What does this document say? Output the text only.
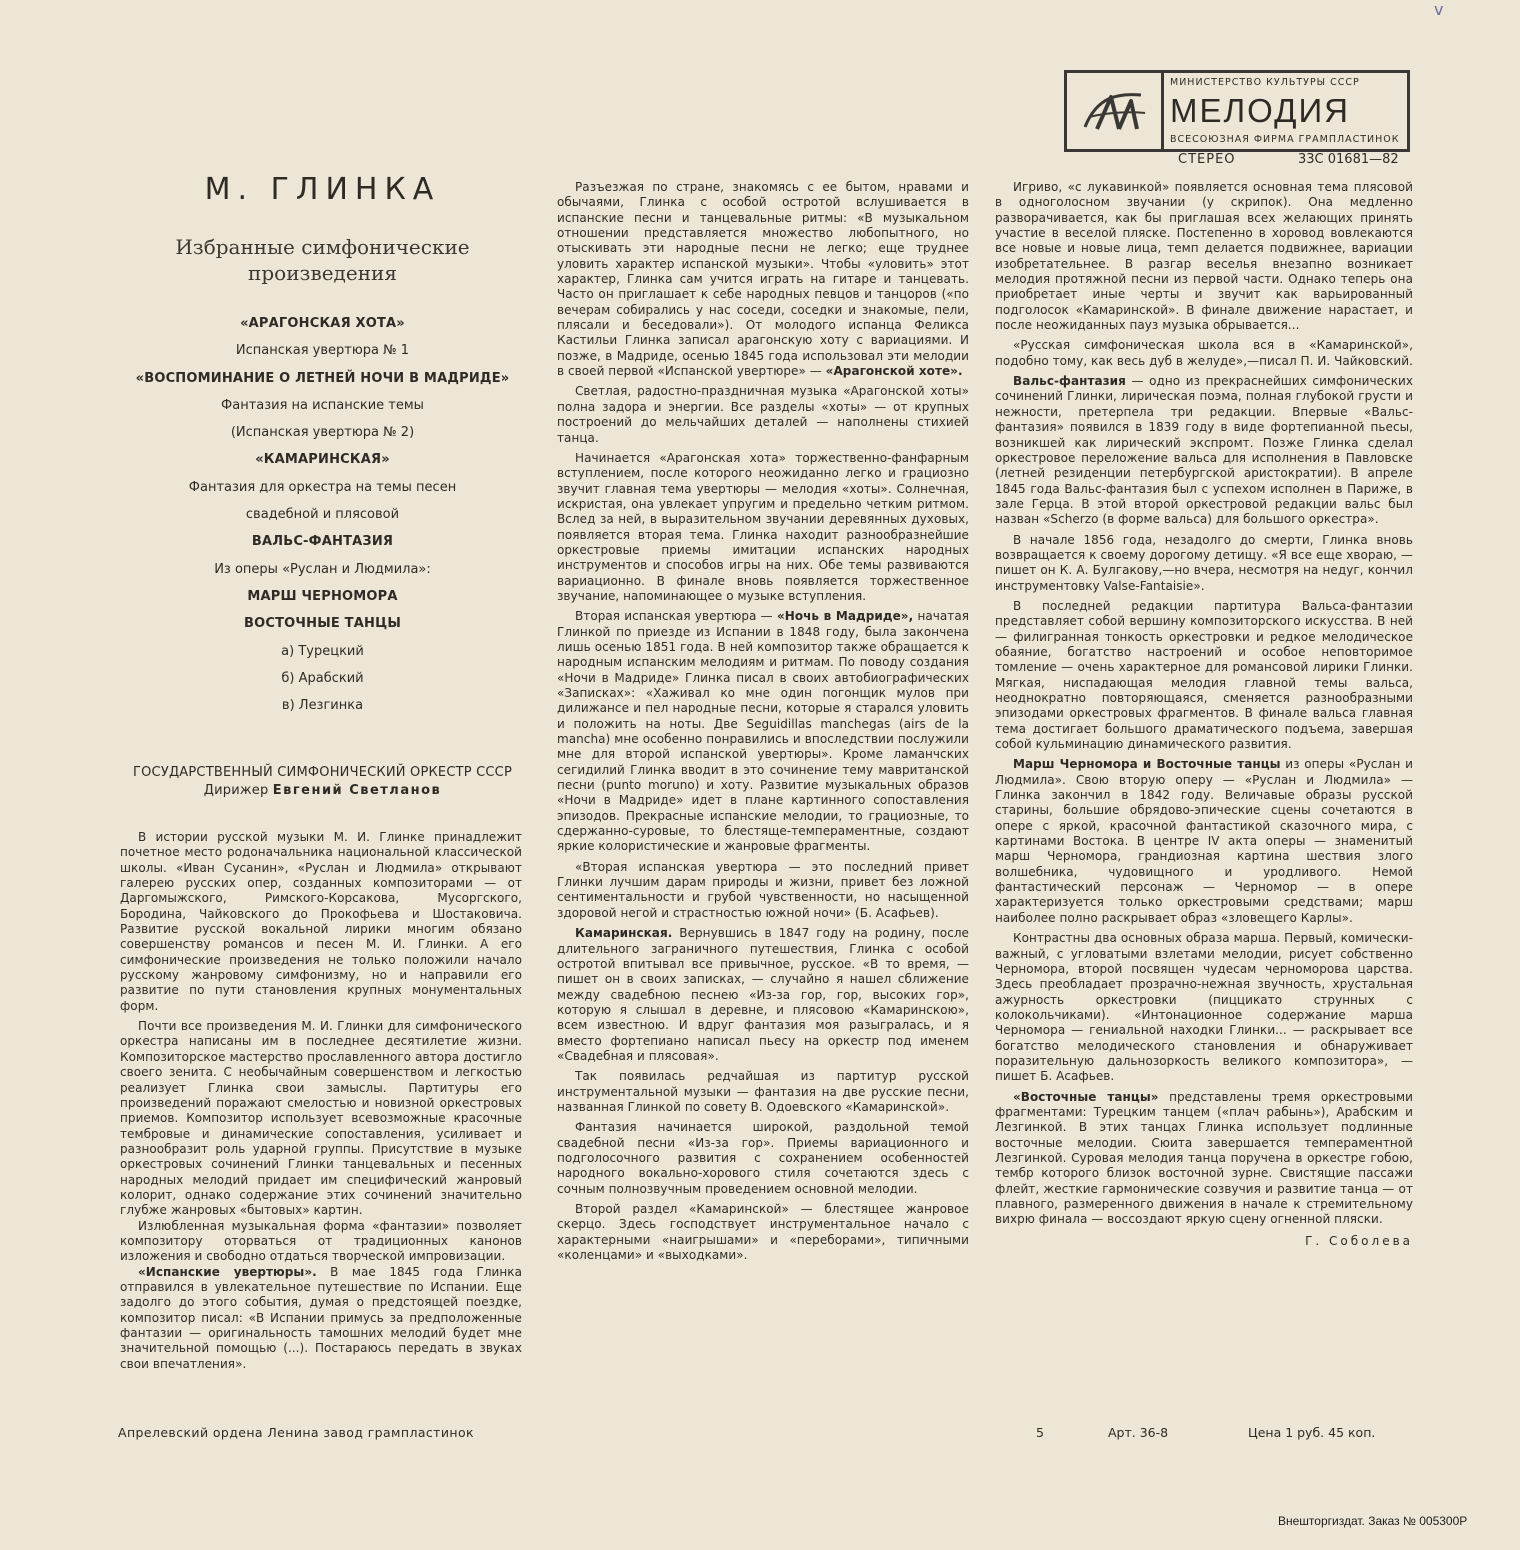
v
МИНИСТЕРСТВО КУЛЬТУРЫ СССР
МЕЛОДИЯ
ВСЕСОЮЗНАЯ ФИРМА ГРАМПЛАСТИНОК
СТЕРЕО	33С 01681—82
М. ГЛИНКА
Избранные симфонические
произведения
«АРАГОНСКАЯ ХОТА»
Испанская увертюра № 1
«ВОСПОМИНАНИЕ О ЛЕТНЕЙ НОЧИ В МАДРИДЕ»
Фантазия на испанские темы
(Испанская увертюра № 2)
«КАМАРИНСКАЯ»
Фантазия для оркестра на темы песен
свадебной и плясовой
ВАЛЬС-ФАНТАЗИЯ
Из оперы «Руслан и Людмила»:
МАРШ ЧЕРНОМОРА
ВОСТОЧНЫЕ ТАНЦЫ
а) Турецкий
б) Арабский
в) Лезгинка
ГОСУДАРСТВЕННЫЙ СИМФОНИЧЕСКИЙ ОРКЕСТР СССР
Дирижер Евгений Светланов

В истории русской музыки М. И. Глинке принадлежит почетное место родоначальника национальной классической школы. «Иван Сусанин», «Руслан и Людмила» открывают галерею русских опер, созданных композиторами — от Даргомыжского, Римского-Корсакова, Мусоргского, Бородина, Чайковского до Прокофьева и Шостаковича. Развитие русской вокальной лирики многим обязано совершенству романсов и песен М. И. Глинки. А его симфонические произведения не только положили начало русскому жанровому симфонизму, но и направили его развитие по пути становления крупных монументальных форм.

Почти все произведения М. И. Глинки для симфонического оркестра написаны им в последнее десятилетие жизни. Композиторское мастерство прославленного автора достигло своего зенита. С необычайным совершенством и легкостью реализует Глинка свои замыслы. Партитуры его произведений поражают смелостью и новизной оркестровых приемов. Композитор использует всевозможные красочные тембровые и динамические сопоставления, усиливает и разнообразит роль ударной группы. Присутствие в музыке оркестровых сочинений Глинки танцевальных и песенных народных мелодий придает им специфический жанровый колорит, однако содержание этих сочинений значительно глубже жанровых «бытовых» картин.

Излюбленная музыкальная форма «фантазии» позволяет композитору оторваться от традиционных канонов изложения и свободно отдаться творческой импровизации.

«Испанские увертюры». В мае 1845 года Глинка отправился в увлекательное путешествие по Испании. Еще задолго до этого события, думая о предстоящей поездке, композитор писал: «В Испании примусь за предположенные фантазии — оригинальность тамошних мелодий будет мне значительной помощью (...). Постараюсь передать в звуках свои впечатления».

Разъезжая по стране, знакомясь с ее бытом, нравами и обычаями, Глинка с особой остротой вслушивается в испанские песни и танцевальные ритмы: «В музыкальном отношении представляется множество любопытного, но отыскивать эти народные песни не легко; еще труднее уловить характер испанской музыки». Чтобы «уловить» этот характер, Глинка сам учится играть на гитаре и танцевать. Часто он приглашает к себе народных певцов и танцоров («по вечерам собирались у нас соседи, соседки и знакомые, пели, плясали и беседовали»). От молодого испанца Феликса Кастильи Глинка записал арагонскую хоту с вариациями. И позже, в Мадриде, осенью 1845 года использовал эти мелодии в своей первой «Испанской увертюре» — «Арагонской хоте».

Светлая, радостно-праздничная музыка «Арагонской хоты» полна задора и энергии. Все разделы «хоты» — от крупных построений до мельчайших деталей — наполнены стихией танца.

Начинается «Арагонская хота» торжественно-фанфарным вступлением, после которого неожиданно легко и грациозно звучит главная тема увертюры — мелодия «хоты». Солнечная, искристая, она увлекает упругим и предельно четким ритмом. Вслед за ней, в выразительном звучании деревянных духовых, появляется вторая тема. Глинка находит разнообразнейшие оркестровые приемы имитации испанских народных инструментов и способов игры на них. Обе темы развиваются вариационно. В финале вновь появляется торжественное звучание, напоминающее о музыке вступления.

Вторая испанская увертюра — «Ночь в Мадриде», начатая Глинкой по приезде из Испании в 1848 году, была закончена лишь осенью 1851 года. В ней композитор также обращается к народным испанским мелодиям и ритмам. По поводу создания «Ночи в Мадриде» Глинка писал в своих автобиографических «Записках»: «Хаживал ко мне один погонщик мулов при дилижансе и пел народные песни, которые я старался уловить и положить на ноты. Две Seguidillas manchegas (airs de la mancha) мне особенно понравились и впоследствии послужили мне для второй испанской увертюры». Кроме ламанчских сегидилий Глинка вводит в это сочинение тему мавританской песни (punto moruno) и хоту. Развитие музыкальных образов «Ночи в Мадриде» идет в плане картинного сопоставления эпизодов. Прекрасные испанские мелодии, то грациозные, то сдержанно-суровые, то блестяще-темпераментные, создают яркие колористические и жанровые фрагменты.

«Вторая испанская увертюра — это последний привет Глинки лучшим дарам природы и жизни, привет без ложной сентиментальности и грубой чувственности, но насыщенной здоровой негой и страстностью южной ночи» (Б. Асафьев).

Камаринская. Вернувшись в 1847 году на родину, после длительного заграничного путешествия, Глинка с особой остротой впитывал все привычное, русское. «В то время, — пишет он в своих записках, — случайно я нашел сближение между свадебною песнею «Из-за гор, гор, высоких гор», которую я слышал в деревне, и плясовою «Камаринскою», всем известною. И вдруг фантазия моя разыгралась, и я вместо фортепиано написал пьесу на оркестр под именем «Свадебная и плясовая».

Так появилась редчайшая из партитур русской инструментальной музыки — фантазия на две русские песни, названная Глинкой по совету В. Одоевского «Камаринской».

Фантазия начинается широкой, раздольной темой свадебной песни «Из-за гор». Приемы вариационного и подголосочного развития с сохранением особенностей народного вокально-хорового стиля сочетаются здесь с сочным полнозвучным проведением основной мелодии.

Второй раздел «Камаринской» — блестящее жанровое скерцо. Здесь господствует инструментальное начало с характерными «наигрышами» и «переборами», типичными «коленцами» и «выходками».

Игриво, «с лукавинкой» появляется основная тема плясовой в одноголосном звучании (у скрипок). Она медленно разворачивается, как бы приглашая всех желающих принять участие в веселой пляске. Постепенно в хоровод вовлекаются все новые и новые лица, темп делается подвижнее, вариации изобретательнее. В разгар веселья внезапно возникает мелодия протяжной песни из первой части. Однако теперь она приобретает иные черты и звучит как варьированный подголосок «Камаринской». В финале движение нарастает, и после неожиданных пауз музыка обрывается...

«Русская симфоническая школа вся в «Камаринской», подобно тому, как весь дуб в желуде»,—писал П. И. Чайковский.

Вальс-фантазия — одно из прекраснейших симфонических сочинений Глинки, лирическая поэма, полная глубокой грусти и нежности, претерпела три редакции. Впервые «Вальс-фантазия» появился в 1839 году в виде фортепианной пьесы, возникшей как лирический экспромт. Позже Глинка сделал оркестровое переложение вальса для исполнения в Павловске (летней резиденции петербургской аристократии). В апреле 1845 года Вальс-фантазия был с успехом исполнен в Париже, в зале Герца. В этой второй оркестровой редакции вальс был назван «Scherzo (в форме вальса) для большого оркестра».

В начале 1856 года, незадолго до смерти, Глинка вновь возвращается к своему дорогому детищу. «Я все еще хвораю, — пишет он К. А. Булгакову,—но вчера, несмотря на недуг, кончил инструментовку Valse-Fantaisie».

В последней редакции партитура Вальса-фантазии представляет собой вершину композиторского искусства. В ней — филигранная тонкость оркестровки и редкое мелодическое обаяние, богатство настроений и особое неповторимое томление — очень характерное для романсовой лирики Глинки. Мягкая, ниспадающая мелодия главной темы вальса, неоднократно повторяющаяся, сменяется разнообразными эпизодами оркестровых фрагментов. В финале вальса главная тема достигает большого драматического подъема, завершая собой кульминацию динамического развития.

Марш Черномора и Восточные танцы из оперы «Руслан и Людмила». Свою вторую оперу — «Руслан и Людмила» — Глинка закончил в 1842 году. Величавые образы русской старины, большие обрядово-эпические сцены сочетаются в опере с яркой, красочной фантастикой сказочного мира, с картинами Востока. В центре IV акта оперы — знаменитый марш Черномора, грандиозная картина шествия злого волшебника, чудовищного и уродливого. Немой фантастический персонаж — Черномор — в опере характеризуется только оркестровыми средствами; марш наиболее полно раскрывает образ «зловещего Карлы».

Контрастны два основных образа марша. Первый, комически-важный, с угловатыми взлетами мелодии, рисует собственно Черномора, второй посвящен чудесам черноморова царства. Здесь преобладает прозрачно-нежная звучность, хрустальная ажурность оркестровки (пиццикато струнных с колокольчиками). «Интонационное содержание марша Черномора — гениальной находки Глинки... — раскрывает все богатство мелодического становления и обнаруживает поразительную дальнозоркость великого композитора», — пишет Б. Асафьев.

«Восточные танцы» представлены тремя оркестровыми фрагментами: Турецким танцем («плач рабынь»), Арабским и Лезгинкой. В этих танцах Глинка использует подлинные восточные мелодии. Сюита завершается темпераментной Лезгинкой. Суровая мелодия танца поручена в оркестре гобою, тембр которого близок восточной зурне. Свистящие пассажи флейт, жесткие гармонические созвучия и развитие танца — от плавного, размеренного движения в начале к стремительному вихрю финала — воссоздают яркую сцену огненной пляски.

Г. Соболева
Апрелевский ордена Ленина завод грампластинок	5	Арт. 36-8	Цена 1 руб. 45 коп.
Внешторгиздат. Заказ № 005300Р
